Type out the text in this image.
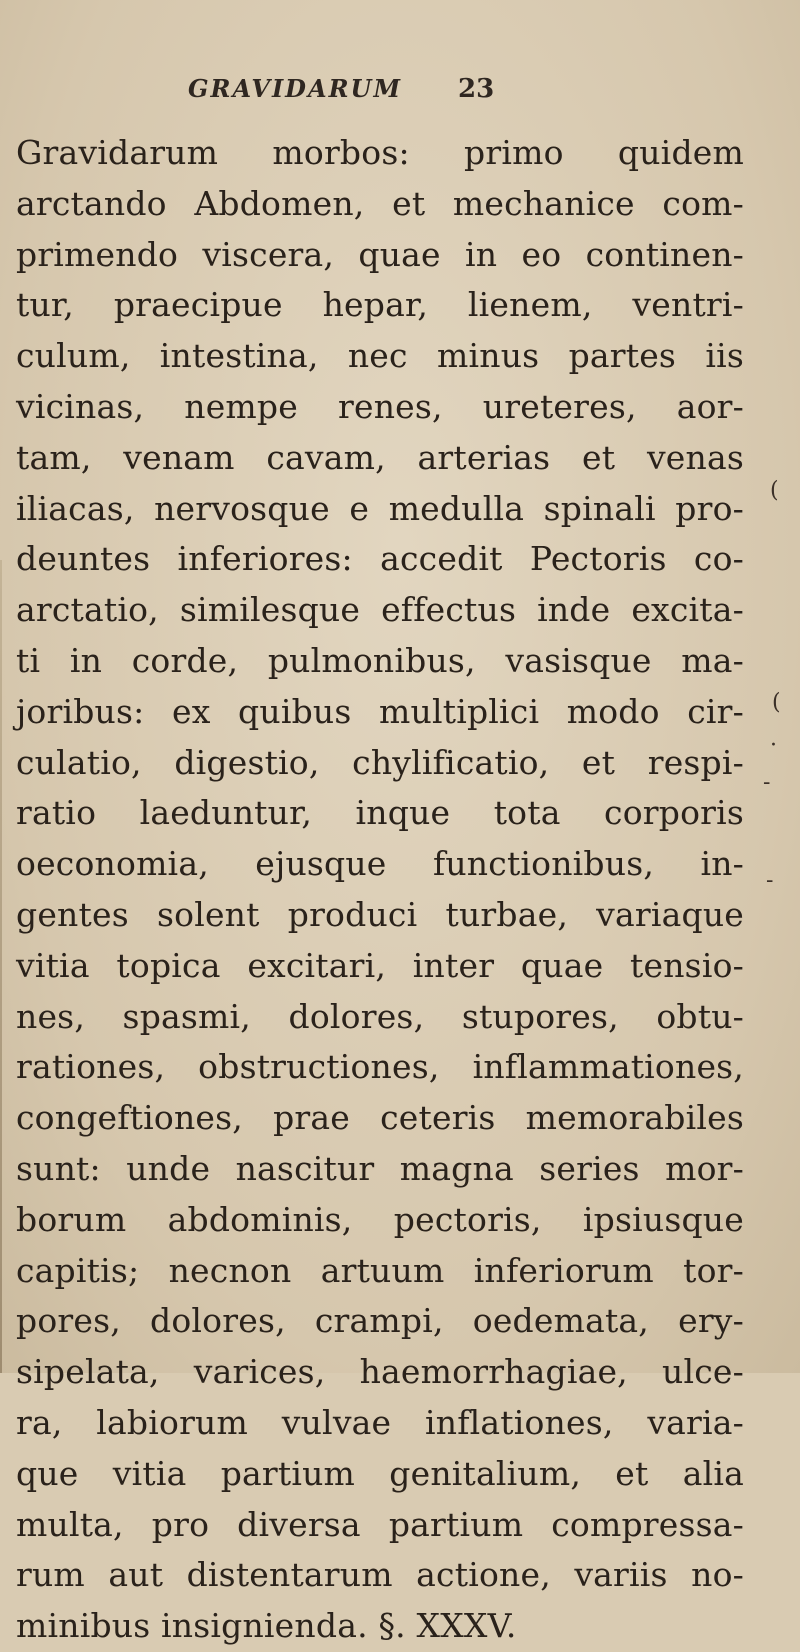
GRAVIDARUM 23
Gravidarum morbos: primo quidem
arctando Abdomen, et mechanice com-
primendo viscera, quae in eo continen-
tur, praecipue hepar, lienem, ventri-
culum, intestina, nec minus partes iis
vicinas, nempe renes, ureteres, aor-
tam, venam cavam, arterias et venas
iliacas, nervosque e medulla spinali pro-
deuntes inferiores: accedit Pectoris co-
arctatio, similesque effectus inde excita-
ti in corde, pulmonibus, vasisque ma-
joribus: ex quibus multiplici modo cir-
culatio, digestio, chylificatio, et respi-
ratio laeduntur, inque tota corporis
oeconomia, ejusque functionibus, in-
gentes solent produci turbae, variaque
vitia topica excitari, inter quae tensio-
nes, spasmi, dolores, stupores, obtu-
rationes, obstructiones, inflammationes,
congeftiones, prae ceteris memorabiles
sunt: unde nascitur magna series mor-
borum abdominis, pectoris, ipsiusque
capitis; necnon artuum inferiorum tor-
pores, dolores, crampi, oedemata, ery-
sipelata, varices, haemorrhagiae, ulce-
ra, labiorum vulvae inflationes, varia-
que vitia partium genitalium, et alia
multa, pro diversa partium compressa-
rum aut distentarum actione, variis no-
minibus insignienda. §. XXXV.
(
(
·
-
-
